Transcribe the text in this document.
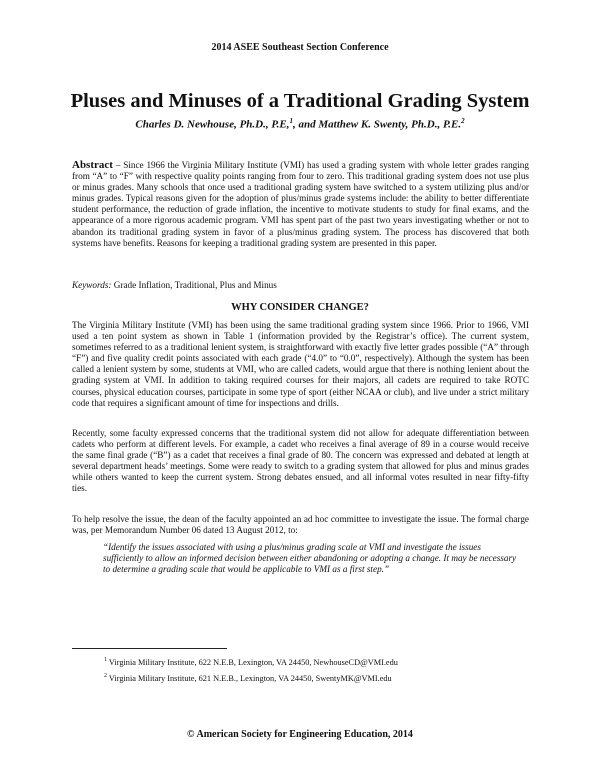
2014 ASEE Southeast Section Conference
Pluses and Minuses of a Traditional Grading System
Charles D. Newhouse, Ph.D., P.E,$^1$, and Matthew K. Swenty, Ph.D., P.E.$^2$

Abstract – Since 1966 the Virginia Military Institute (VMI) has used a grading system with whole letter grades ranging from “A” to “F” with respective quality points ranging from four to zero. This traditional grading system does not use plus or minus grades. Many schools that once used a traditional grading system have switched to a system utilizing plus and/or minus grades. Typical reasons given for the adoption of plus/minus grade systems include: the ability to better differentiate student performance, the reduction of grade inflation, the incentive to motivate students to study for final exams, and the appearance of a more rigorous academic program. VMI has spent part of the past two years investigating whether or not to abandon its traditional grading system in favor of a plus/minus grading system. The process has discovered that both systems have benefits. Reasons for keeping a traditional grading system are presented in this paper.

Keywords: Grade Inflation, Traditional, Plus and Minus

WHY CONSIDER CHANGE?

The Virginia Military Institute (VMI) has been using the same traditional grading system since 1966. Prior to 1966, VMI used a ten point system as shown in Table 1 (information provided by the Registrar’s office). The current system, sometimes referred to as a traditional lenient system, is straightforward with exactly five letter grades possible (“A” through “F”) and five quality credit points associated with each grade (“4.0” to “0.0”, respectively). Although the system has been called a lenient system by some, students at VMI, who are called cadets, would argue that there is nothing lenient about the grading system at VMI. In addition to taking required courses for their majors, all cadets are required to take ROTC courses, physical education courses, participate in some type of sport (either NCAA or club), and live under a strict military code that requires a significant amount of time for inspections and drills.

Recently, some faculty expressed concerns that the traditional system did not allow for adequate differentiation between cadets who perform at different levels. For example, a cadet who receives a final average of 89 in a course would receive the same final grade (“B”) as a cadet that receives a final grade of 80. The concern was expressed and debated at length at several department heads’ meetings. Some were ready to switch to a grading system that allowed for plus and minus grades while others wanted to keep the current system. Strong debates ensued, and all informal votes resulted in near fifty-fifty ties.

To help resolve the issue, the dean of the faculty appointed an ad hoc committee to investigate the issue. The formal charge was, per Memorandum Number 06 dated 13 August 2012, to:

“Identify the issues associated with using a plus/minus grading scale at VMI and investigate the issues sufficiently to allow an informed decision between either abandoning or adopting a change. It may be necessary to determine a grading scale that would be applicable to VMI as a first step.”

$^1$ Virginia Military Institute, 622 N.E.B, Lexington, VA 24450, NewhouseCD@VMI.edu
$^2$ Virginia Military Institute, 621 N.E.B., Lexington, VA 24450, SwentyMK@VMI.edu
© American Society for Engineering Education, 2014
